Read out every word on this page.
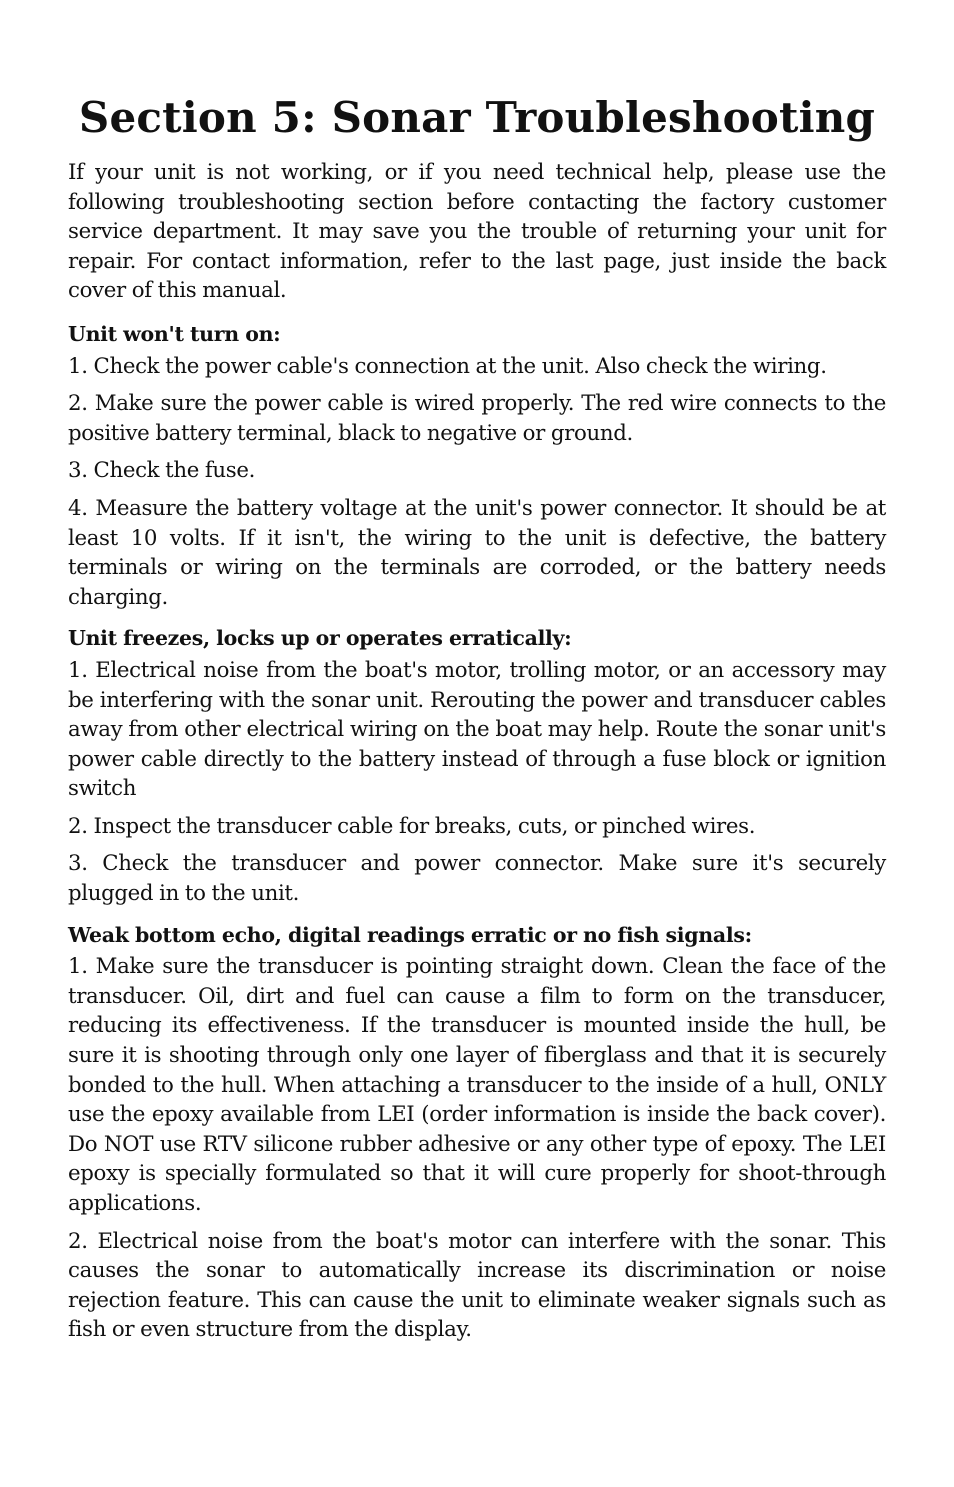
Section 5: Sonar Troubleshooting

If your unit is not working, or if you need technical help, please use the following troubleshooting section before contacting the factory customer service department. It may save you the trouble of returning your unit for repair. For contact information, refer to the last page, just inside the back cover of this manual.

Unit won't turn on:

1. Check the power cable's connection at the unit. Also check the wiring.

2. Make sure the power cable is wired properly. The red wire connects to the positive battery terminal, black to negative or ground.

3. Check the fuse.

4. Measure the battery voltage at the unit's power connector. It should be at least 10 volts. If it isn't, the wiring to the unit is defective, the battery terminals or wiring on the terminals are corroded, or the battery needs charging.

Unit freezes, locks up or operates erratically:

1. Electrical noise from the boat's motor, trolling motor, or an accessory may be interfering with the sonar unit. Rerouting the power and transducer cables away from other electrical wiring on the boat may help. Route the sonar unit's power cable directly to the battery instead of through a fuse block or ignition switch

2. Inspect the transducer cable for breaks, cuts, or pinched wires.

3. Check the transducer and power connector. Make sure it's securely plugged in to the unit.

Weak bottom echo, digital readings erratic or no fish signals:

1. Make sure the transducer is pointing straight down. Clean the face of the transducer. Oil, dirt and fuel can cause a film to form on the transducer, reducing its effectiveness. If the transducer is mounted inside the hull, be sure it is shooting through only one layer of fiberglass and that it is securely bonded to the hull. When attaching a transducer to the inside of a hull, ONLY use the epoxy available from LEI (order information is inside the back cover). Do NOT use RTV silicone rubber adhesive or any other type of epoxy. The LEI epoxy is specially formulated so that it will cure properly for shoot-through applications.

2. Electrical noise from the boat's motor can interfere with the sonar. This causes the sonar to automatically increase its discrimination or noise rejection feature. This can cause the unit to eliminate weaker signals such as fish or even structure from the display.
